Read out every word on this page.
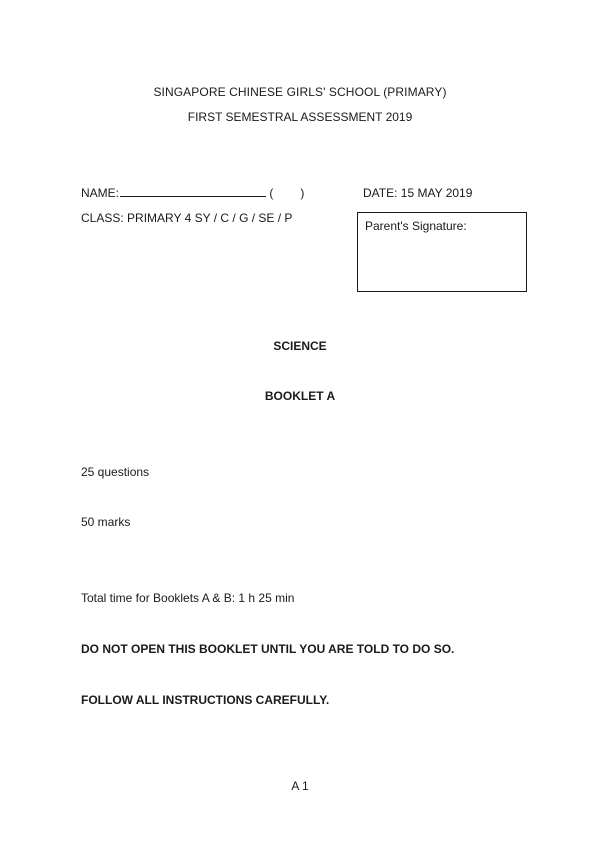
SINGAPORE CHINESE GIRLS' SCHOOL (PRIMARY)
FIRST SEMESTRAL ASSESSMENT 2019
NAME:	( )	DATE: 15 MAY 2019
CLASS: PRIMARY 4 SY / C / G / SE / P
Parent's Signature:
SCIENCE
BOOKLET A
25 questions
50 marks
Total time for Booklets A & B: 1 h 25 min
DO NOT OPEN THIS BOOKLET UNTIL YOU ARE TOLD TO DO SO.
FOLLOW ALL INSTRUCTIONS CAREFULLY.
A 1
